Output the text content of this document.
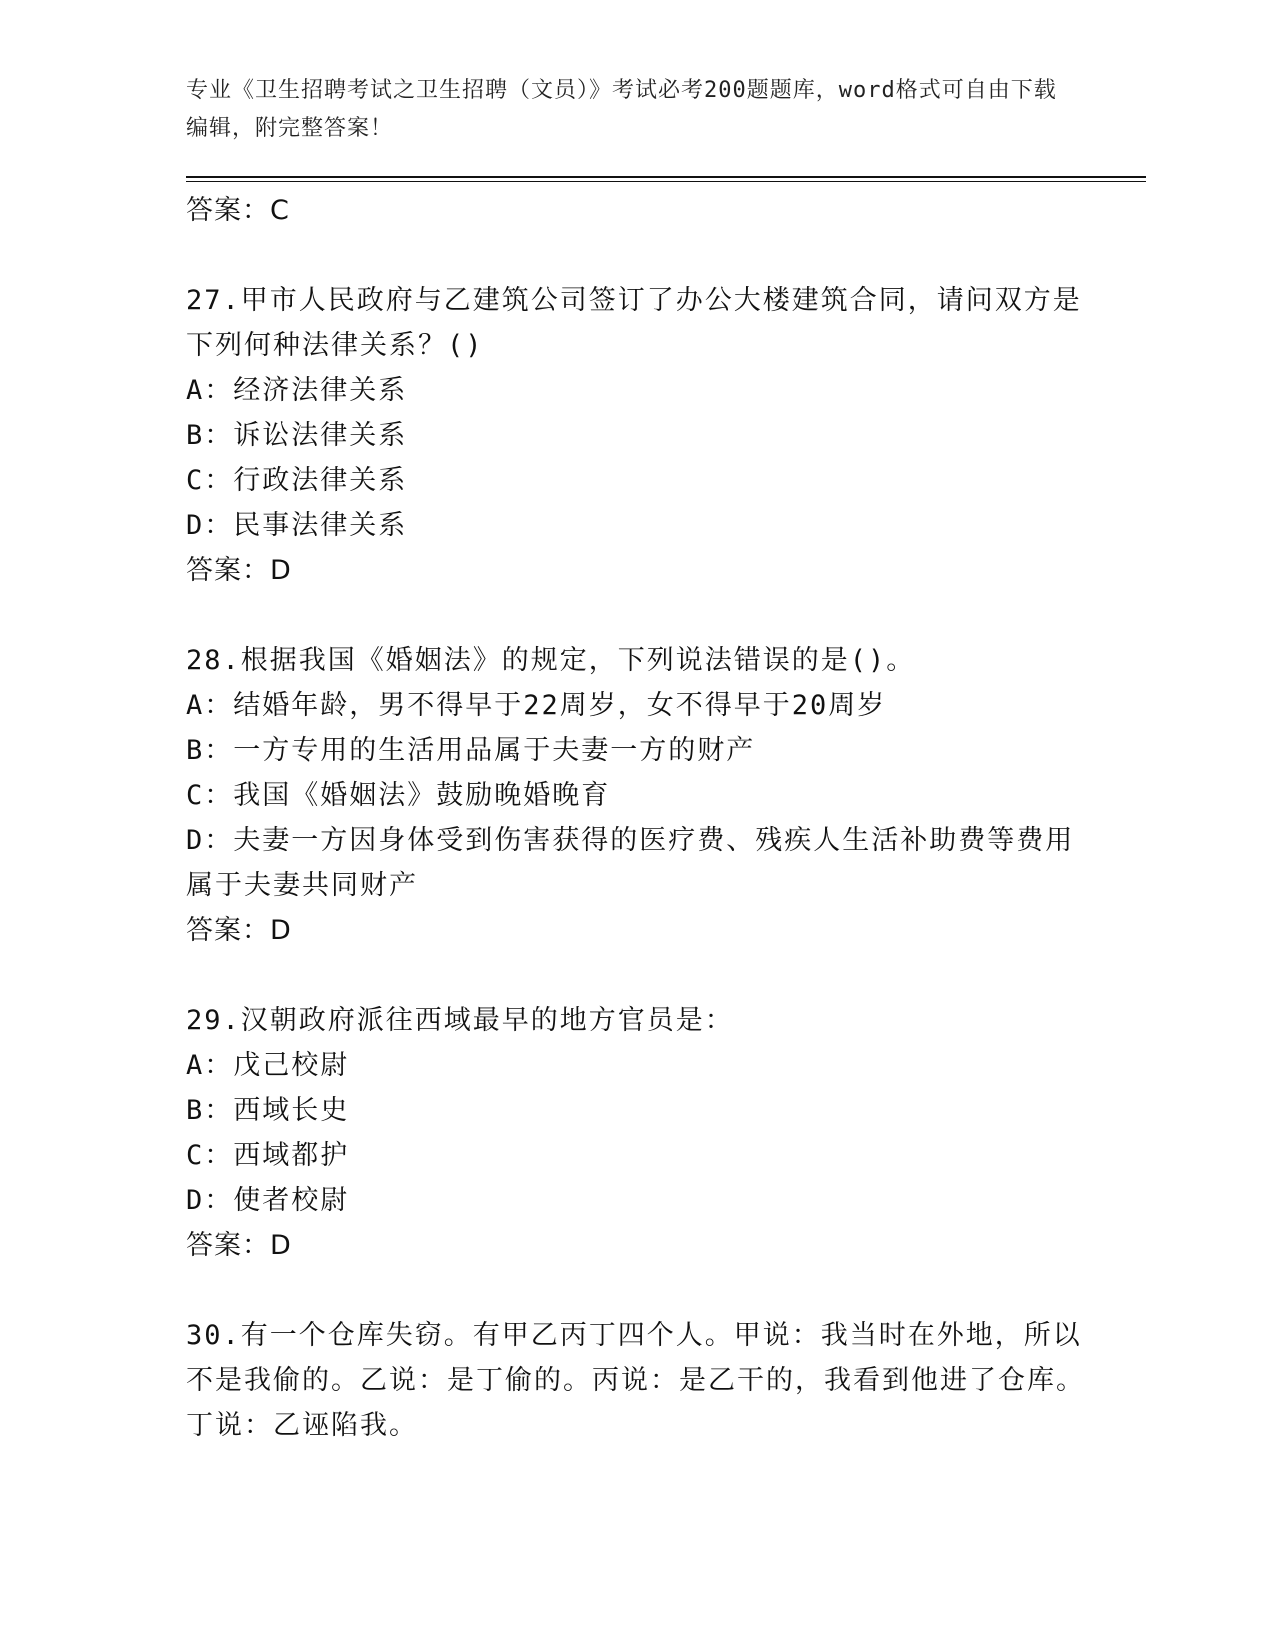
专业《卫生招聘考试之卫生招聘（文员）》考试必考200题题库，word格式可自由下载编辑，附完整答案！
答案：C
27.甲市人民政府与乙建筑公司签订了办公大楼建筑合同，请问双方是下列何种法律关系？()
A：经济法律关系
B：诉讼法律关系
C：行政法律关系
D：民事法律关系
答案：D
28.根据我国《婚姻法》的规定，下列说法错误的是()。
A：结婚年龄，男不得早于22周岁，女不得早于20周岁
B：一方专用的生活用品属于夫妻一方的财产
C：我国《婚姻法》鼓励晚婚晚育
D：夫妻一方因身体受到伤害获得的医疗费、残疾人生活补助费等费用属于夫妻共同财产
答案：D
29.汉朝政府派往西域最早的地方官员是：
A：戊己校尉
B：西域长史
C：西域都护
D：使者校尉
答案：D
30.有一个仓库失窃。有甲乙丙丁四个人。甲说：我当时在外地，所以不是我偷的。乙说：是丁偷的。丙说：是乙干的，我看到他进了仓库。丁说：乙诬陷我。
